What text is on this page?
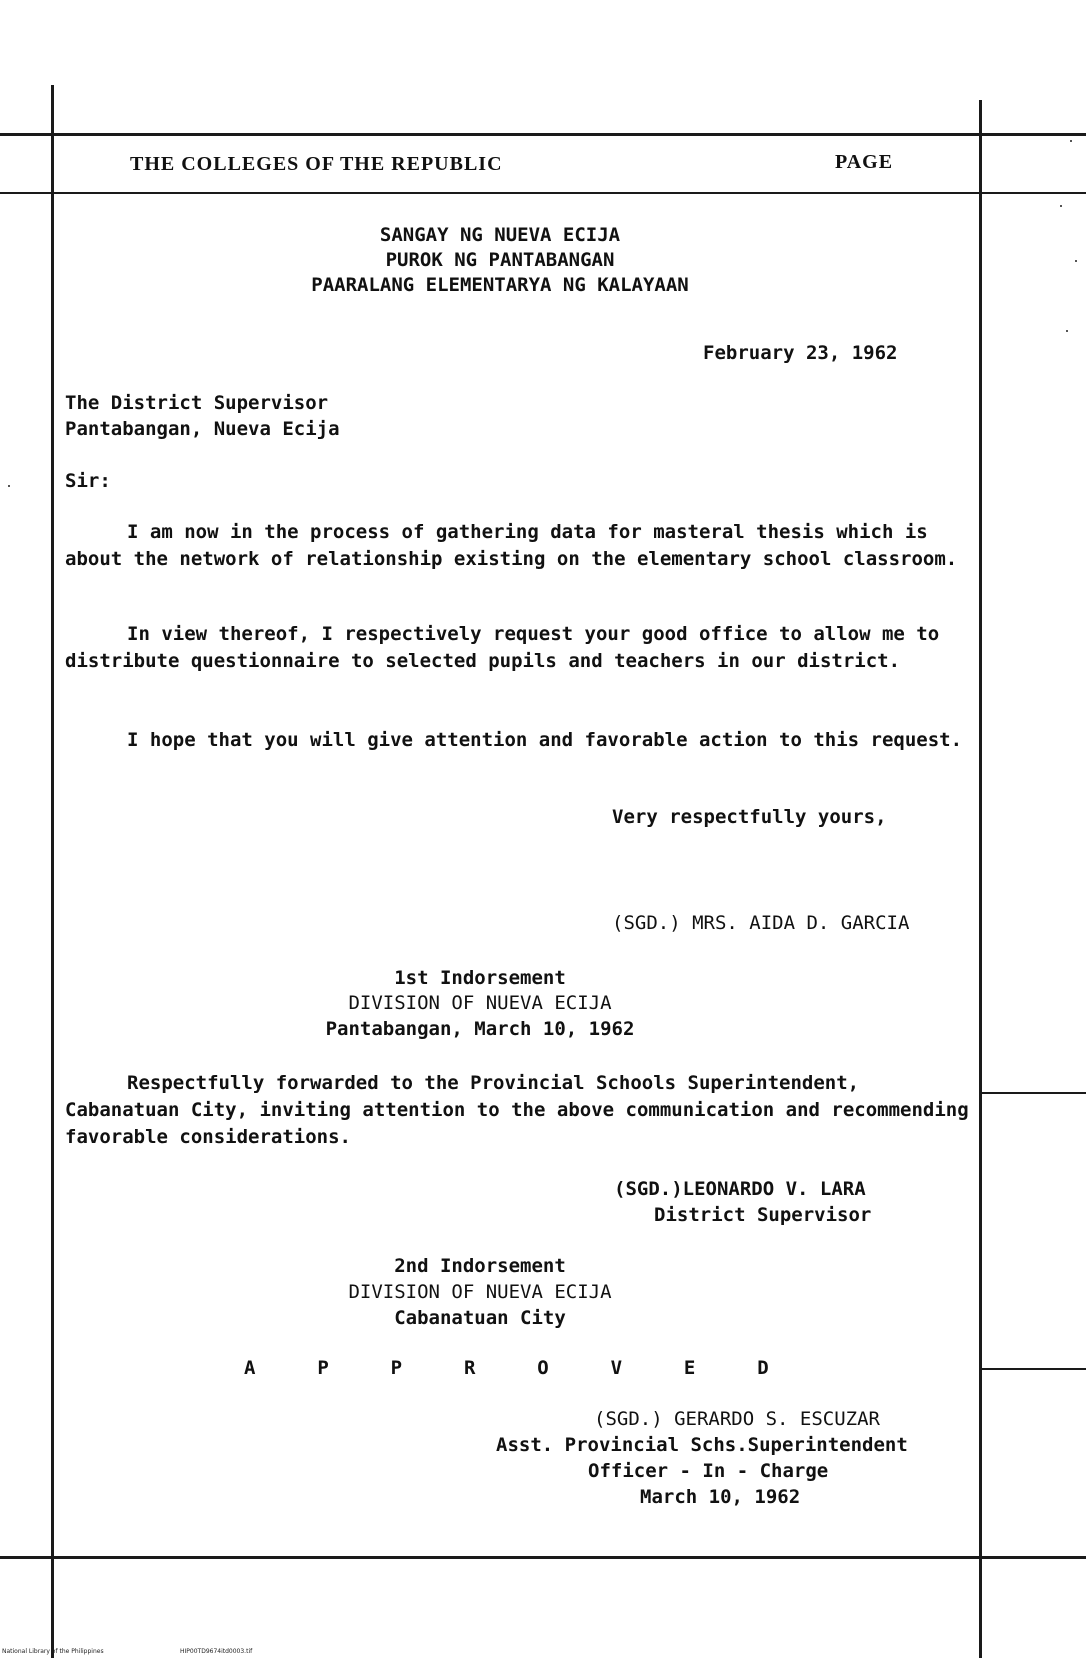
THE COLLEGES OF THE REPUBLIC	PAGE
SANGAY NG NUEVA ECIJA
PUROK NG PANTABANGAN
PAARALANG ELEMENTARYA NG KALAYAAN
February 23, 1962
The District Supervisor
Pantabangan, Nueva Ecija
Sir:
I am now in the process of gathering data for masteral thesis which is about the network of relationship existing on the elementary school classroom.
In view thereof, I respectively request your good office to allow me to distribute questionnaire to selected pupils and teachers in our district.
I hope that you will give attention and favorable action to this request.
Very respectfully yours,
(SGD.) MRS. AIDA D. GARCIA
1st Indorsement
DIVISION OF NUEVA ECIJA
Pantabangan, March 10, 1962
Respectfully forwarded to the Provincial Schools Superintendent, Cabanatuan City, inviting attention to the above communication and recommending favorable considerations.
(SGD.)LEONARDO V. LARA
District Supervisor
2nd Indorsement
DIVISION OF NUEVA ECIJA
Cabanatuan City
A  P  P  R  O  V  E  D
(SGD.) GERARDO S. ESCUZAR
Asst. Provincial Schs.Superintendent
Officer - In - Charge
March 10, 1962
National Library of the Philippines	HIP00TD9674itd0003.tif
